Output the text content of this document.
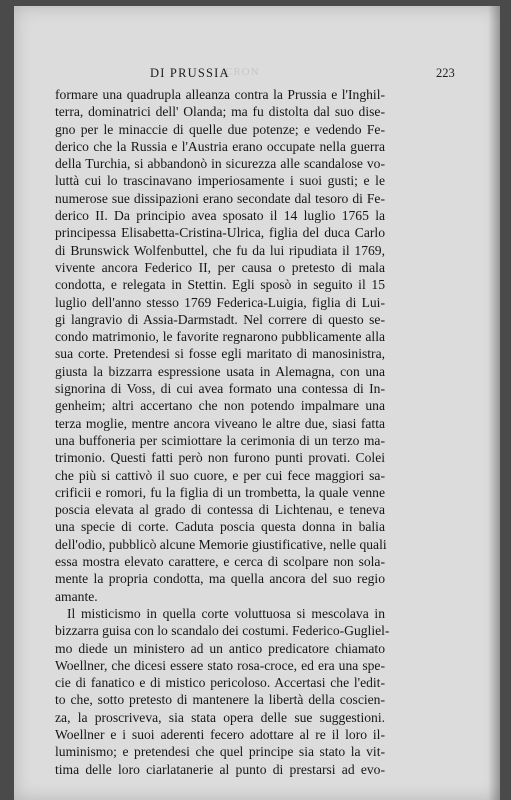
CRON
DI PRUSSIA	223
formare una quadrupla alleanza contra la Prussia e l'Inghil-
terra, dominatrici dell' Olanda; ma fu distolta dal suo dise-
gno per le minaccie di quelle due potenze; e vedendo Fe-
derico che la Russia e l'Austria erano occupate nella guerra
della Turchia, si abbandonò in sicurezza alle scandalose vo-
luttà cui lo trascinavano imperiosamente i suoi gusti; e le
numerose sue dissipazioni erano secondate dal tesoro di Fe-
derico II. Da principio avea sposato il 14 luglio 1765 la
principessa Elisabetta-Cristina-Ulrica, figlia del duca Carlo
di Brunswick Wolfenbuttel, che fu da lui ripudiata il 1769,
vivente ancora Federico II, per causa o pretesto di mala
condotta, e relegata in Stettin. Egli sposò in seguito il 15
luglio dell'anno stesso 1769 Federica-Luigia, figlia di Lui-
gi langravio di Assia-Darmstadt. Nel correre di questo se-
condo matrimonio, le favorite regnarono pubblicamente alla
sua corte. Pretendesi si fosse egli maritato di manosinistra,
giusta la bizzarra espressione usata in Alemagna, con una
signorina di Voss, di cui avea formato una contessa di In-
genheim; altri accertano che non potendo impalmare una
terza moglie, mentre ancora viveano le altre due, siasi fatta
una buffoneria per scimiottare la cerimonia di un terzo ma-
trimonio. Questi fatti però non furono punti provati. Colei
che più si cattivò il suo cuore, e per cui fece maggiori sa-
crificii e romori, fu la figlia di un trombetta, la quale venne
poscia elevata al grado di contessa di Lichtenau, e teneva
una specie di corte. Caduta poscia questa donna in balia
dell'odio, pubblicò alcune Memorie giustificative, nelle quali
essa mostra elevato carattere, e cerca di scolpare non sola-
mente la propria condotta, ma quella ancora del suo regio
amante.
Il misticismo in quella corte voluttuosa si mescolava in
bizzarra guisa con lo scandalo dei costumi. Federico-Gugliel-
mo diede un ministero ad un antico predicatore chiamato
Woellner, che dicesi essere stato rosa-croce, ed era una spe-
cie di fanatico e di mistico pericoloso. Accertasi che l'edit-
to che, sotto pretesto di mantenere la libertà della coscien-
za, la proscriveva, sia stata opera delle sue suggestioni.
Woellner e i suoi aderenti fecero adottare al re il loro il-
luminismo; e pretendesi che quel principe sia stato la vit-
tima delle loro ciarlatanerie al punto di prestarsi ad evo-
